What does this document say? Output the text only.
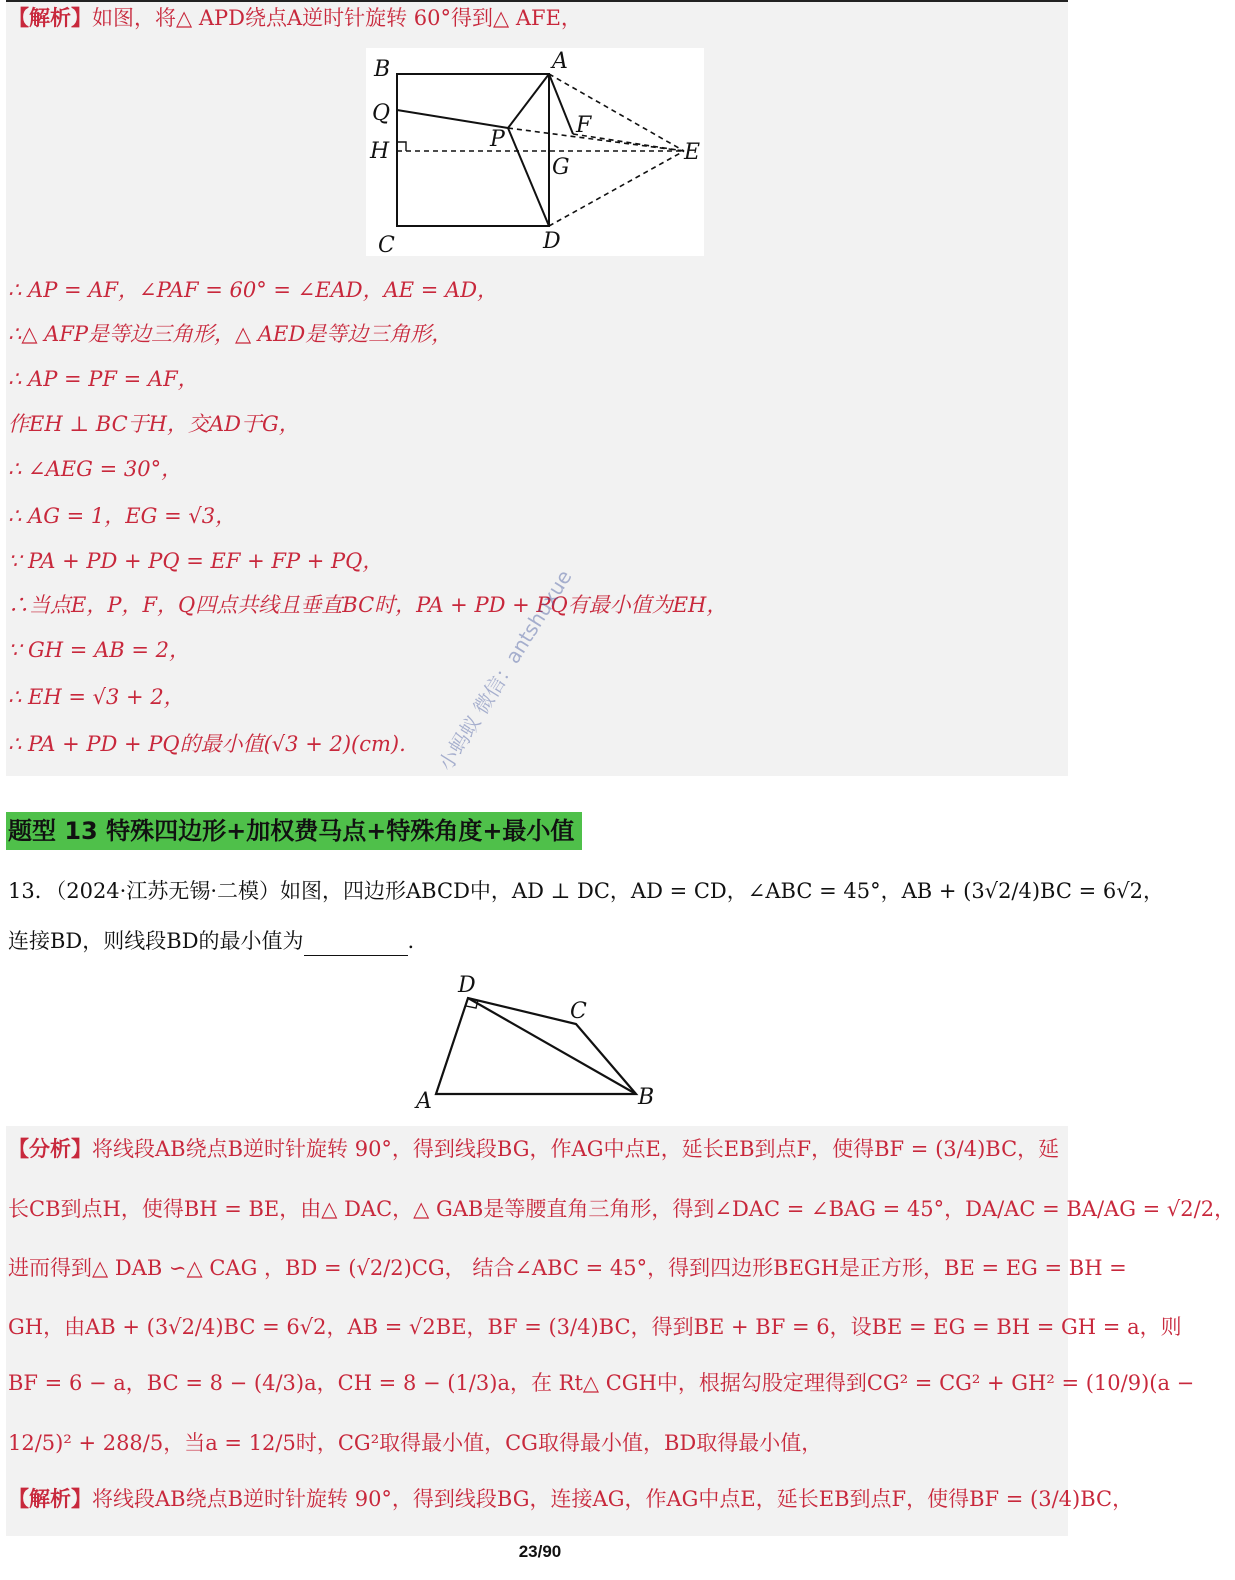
【解析】如图，将△ APD绕点A逆时针旋转 60°得到△ AFE，
B	A
Q
P
F
H
G
E
C	D
∴ AP = AF，∠PAF = 60° = ∠EAD，AE = AD，
∴△ AFP是等边三角形，△ AED是等边三角形，
∴ AP = PF = AF，
作EH ⊥ BC于H，交AD于G，
∴ ∠AEG = 30°，
∴ AG = 1，EG = √3，
∵ PA + PD + PQ = EF + FP + PQ，
∴当点E，P，F，Q四点共线且垂直BC时，PA + PD + PQ有最小值为EH，
∵ GH = AB = 2，
∴ EH = √3 + 2，
∴ PA + PD + PQ的最小值(√3 + 2)(cm). 小蚂蚁 微信：antshuxue
题型 13 特殊四边形+加权费马点+特殊角度+最小值
13．（2024·江苏无锡·二模）如图，四边形ABCD中，AD ⊥ DC，AD = CD，∠ABC = 45°，AB + (3√2/4)BC = 6√2，
连接BD，则线段BD的最小值为	.
D
C
A	B
【分析】将线段AB绕点B逆时针旋转 90°，得到线段BG，作AG中点E，延长EB到点F，使得BF = (3/4)BC，延
长CB到点H，使得BH = BE，由△ DAC，△ GAB是等腰直角三角形，得到∠DAC = ∠BAG = 45°，DA/AC = BA/AG = √2/2，
进而得到△ DAB ∽△ CAG ，BD = (√2/2)CG， 结合∠ABC = 45°，得到四边形BEGH是正方形，BE = EG = BH =
GH，由AB + (3√2/4)BC = 6√2，AB = √2BE，BF = (3/4)BC，得到BE + BF = 6，设BE = EG = BH = GH = a，则
BF = 6 − a，BC = 8 − (4/3)a，CH = 8 − (1/3)a，在 Rt△ CGH中，根据勾股定理得到CG² = CG² + GH² = (10/9)(a −
12/5)² + 288/5，当a = 12/5时，CG²取得最小值，CG取得最小值，BD取得最小值，
【解析】将线段AB绕点B逆时针旋转 90°，得到线段BG，连接AG，作AG中点E，延长EB到点F，使得BF = (3/4)BC，
23/90
